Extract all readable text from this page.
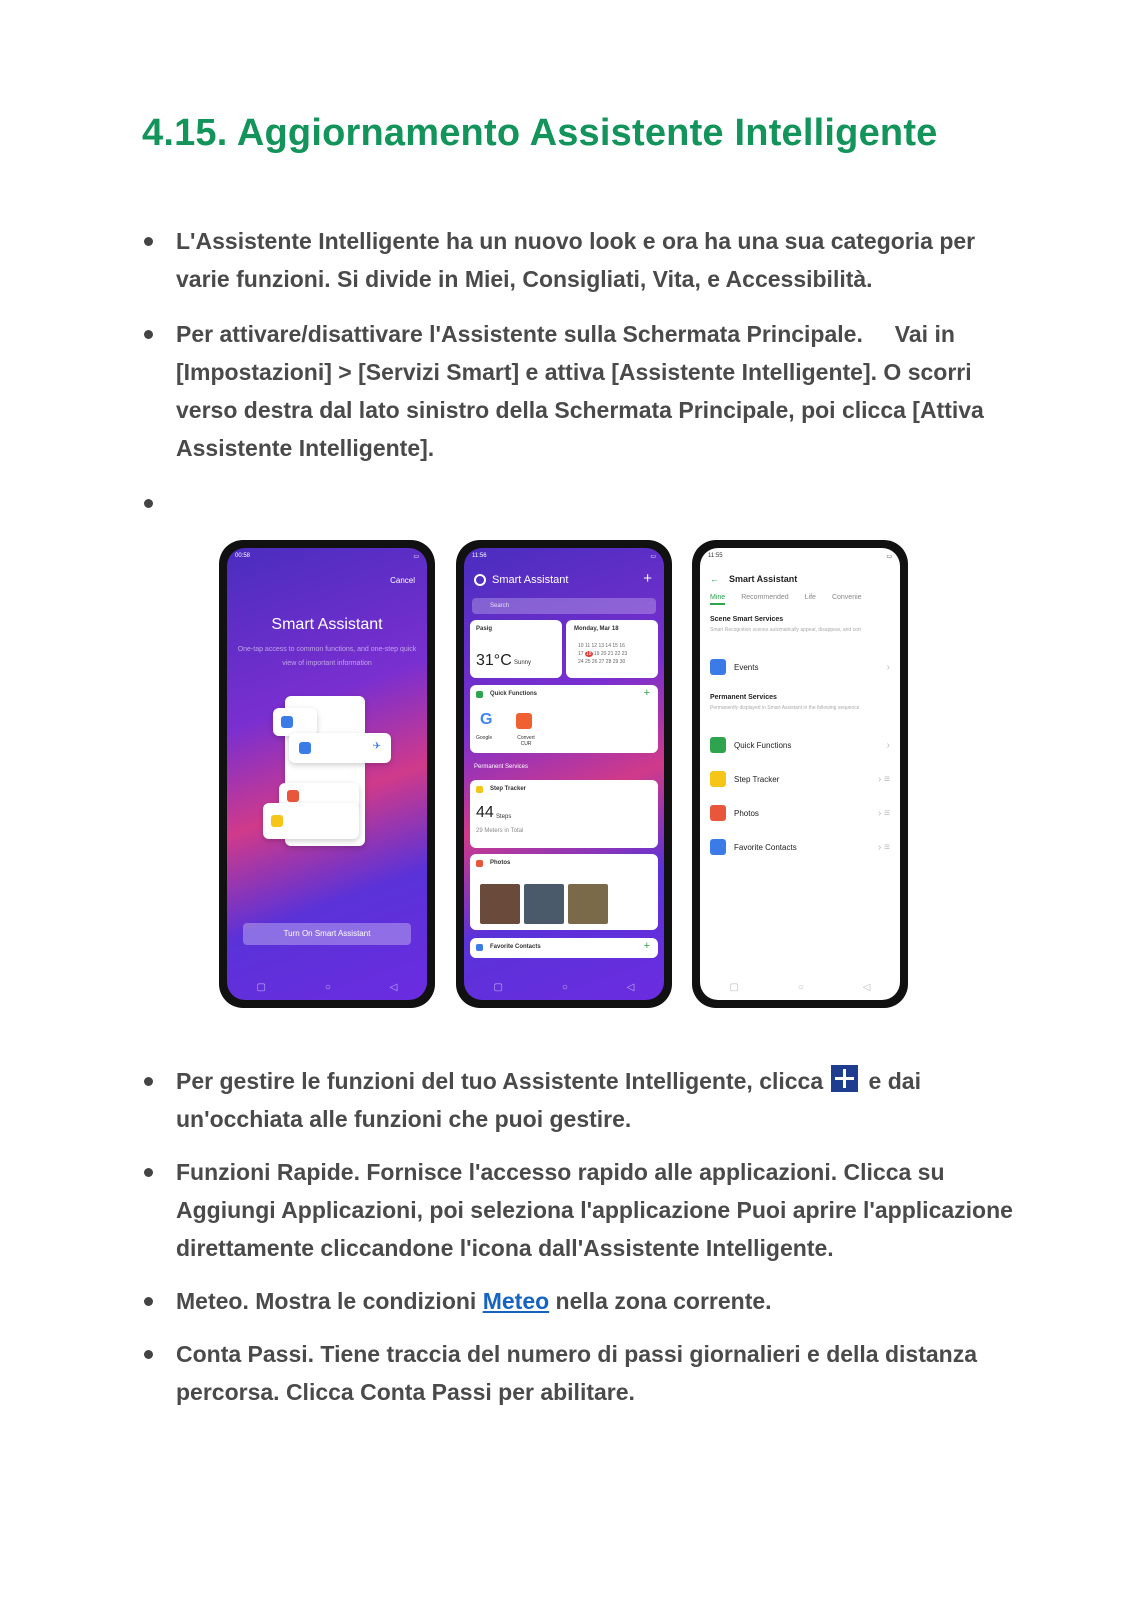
4.15. Aggiornamento Assistente Intelligente
L'Assistente Intelligente ha un nuovo look e ora ha una sua categoria per varie funzioni. Si divide in Miei, Consigliati, Vita, e Accessibilità.
Per attivare/disattivare l'Assistente sulla Schermata Principale.     Vai in [Impostazioni] > [Servizi Smart] e attiva [Assistente Intelligente]. O scorri verso destra dal lato sinistro della Schermata Principale, poi clicca [Attiva Assistente Intelligente].

00:58	▭
Cancel
Smart Assistant
One-tap access to common functions, and one-step quick view of important information
✈
Turn On Smart Assistant
▢	○	◁
11:56	▭
Smart Assistant	+
Search
Pasig
31°C Sunny
Monday, Mar 18
10 11 12 13 14 15 16
17 18 19 20 21 22 23
24 25 26 27 28 29 30
Quick Functions	+
G
Google	Convert CUR
Permanent Services
Step Tracker
44 Steps
29 Meters in Total
Photos
Favorite Contacts	+
▢	○	◁
11:55	▭
← Smart Assistant
Mine Recommended Life Convenie
Scene Smart Services
Smart Recognition scenes automatically appear, disappear, and sort
Events	›
Permanent Services
Permanently displayed in Smart Assistant in the following sequence
Quick Functions	›
Step Tracker	› ≡
Photos	› ≡
Favorite Contacts	› ≡
▢	○	◁
Per gestire le funzioni del tuo Assistente Intelligente, clicca e dai un'occhiata alle funzioni che puoi gestire.
Funzioni Rapide. Fornisce l'accesso rapido alle applicazioni. Clicca su Aggiungi Applicazioni, poi seleziona l'applicazione Puoi aprire l'applicazione direttamente cliccandone l'icona dall'Assistente Intelligente.
Meteo. Mostra le condizioni Meteo nella zona corrente.
Conta Passi. Tiene traccia del numero di passi giornalieri e della distanza percorsa. Clicca Conta Passi per abilitare.
